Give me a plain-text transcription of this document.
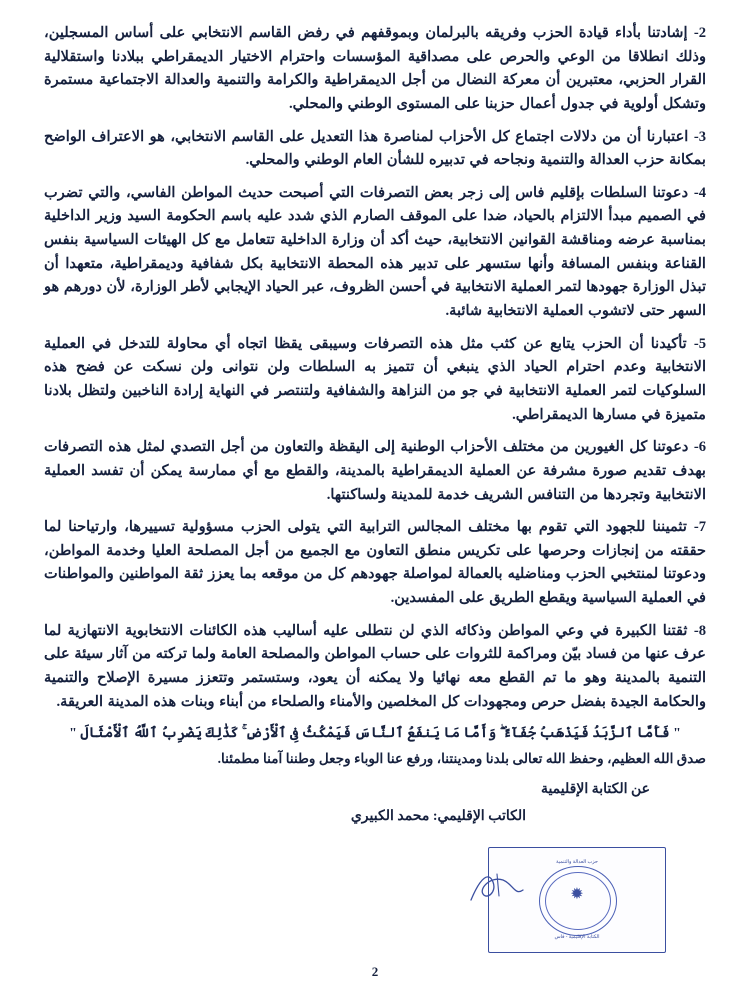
2- إشادتنا بأداء قيادة الحزب وفريقه بالبرلمان وبموقفهم في رفض القاسم الانتخابي على أساس المسجلين، وذلك انطلاقا من الوعي والحرص على مصداقية المؤسسات واحترام الاختيار الديمقراطي ببلادنا واستقلالية القرار الحزبي، معتبرين أن معركة النضال من أجل الديمقراطية والكرامة والتنمية والعدالة الاجتماعية مستمرة وتشكل أولوية في جدول أعمال حزبنا على المستوى الوطني والمحلي.

3- اعتبارنا أن من دلالات اجتماع كل الأحزاب لمناصرة هذا التعديل على القاسم الانتخابي، هو الاعتراف الواضح بمكانة حزب العدالة والتنمية ونجاحه في تدبيره للشأن العام الوطني والمحلي.

4- دعوتنا السلطات بإقليم فاس إلى زجر بعض التصرفات التي أصبحت حديث المواطن الفاسي، والتي تضرب في الصميم مبدأ الالتزام بالحياد، ضدا على الموقف الصارم الذي شدد عليه باسم الحكومة السيد وزير الداخلية بمناسبة عرضه ومناقشة القوانين الانتخابية، حيث أكد أن وزارة الداخلية تتعامل مع كل الهيئات السياسية بنفس القناعة وبنفس المسافة وأنها ستسهر على تدبير هذه المحطة الانتخابية بكل شفافية وديمقراطية، متعهدا أن تبذل الوزارة جهودها لتمر العملية الانتخابية في أحسن الظروف، عبر الحياد الإيجابي لأطر الوزارة، لأن دورهم هو السهر حتى لاتشوب العملية الانتخابية شائبة.

5- تأكيدنا أن الحزب يتابع عن كثب مثل هذه التصرفات وسيبقى يقظا اتجاه أي محاولة للتدخل في العملية الانتخابية وعدم احترام الحياد الذي ينبغي أن تتميز به السلطات ولن نتوانى ولن نسكت عن فضح هذه السلوكيات لتمر العملية الانتخابية في جو من النزاهة والشفافية ولتنتصر في النهاية إرادة الناخبين ولتظل بلادنا متميزة في مسارها الديمقراطي.

6- دعوتنا كل الغيورين من مختلف الأحزاب الوطنية إلى اليقظة والتعاون من أجل التصدي لمثل هذه التصرفات بهدف تقديم صورة مشرفة عن العملية الديمقراطية بالمدينة، والقطع مع أي ممارسة يمكن أن تفسد العملية الانتخابية وتجردها من التنافس الشريف خدمة للمدينة ولساكنتها.

7- تثميننا للجهود التي تقوم بها مختلف المجالس الترابية التي يتولى الحزب مسؤولية تسييرها، وارتياحنا لما حققته من إنجازات وحرصها على تكريس منطق التعاون مع الجميع من أجل المصلحة العليا وخدمة المواطن، ودعوتنا لمنتخبي الحزب ومناضليه بالعمالة لمواصلة جهودهم كل من موقعه بما يعزز ثقة المواطنين والمواطنات في العملية السياسية ويقطع الطريق على المفسدين.

8- ثقتنا الكبيرة في وعي المواطن وذكائه الذي لن نتطلى عليه أساليب هذه الكائنات الانتخابوية الانتهازية لما عرف عنها من فساد بيّن ومراكمة للثروات على حساب المواطن والمصلحة العامة ولما تركته من آثار سيئة على التنمية بالمدينة وهو ما تم القطع معه نهائيا ولا يمكنه أن يعود، وستستمر وتتعزز مسيرة الإصلاح والتنمية والحكامة الجيدة بفضل حرص ومجهودات كل المخلصين والأمناء والصلحاء من أبناء وبنات هذه المدينة العريقة.

" فَأَمَّا ٱلزَّبَدُ فَيَذْهَبُ جُفَآءً ۖ وَأَمَّا مَا يَنفَعُ ٱلنَّاسَ فَيَمْكُثُ فِى ٱلْأَرْضِ ۚ كَذَٰلِكَ يَضْرِبُ ٱللَّهُ ٱلْأَمْثَالَ "

صدق الله العظيم، وحفظ الله تعالى بلدنا ومدينتنا، ورفع عنا الوباء وجعل وطننا آمنا مطمئنا.

عن الكتابة الإقليمية
الكاتب الإقليمي: محمد الكبيري
حزب العدالة والتنمية
✹
الكتابة الإقليمية - فاس
2
